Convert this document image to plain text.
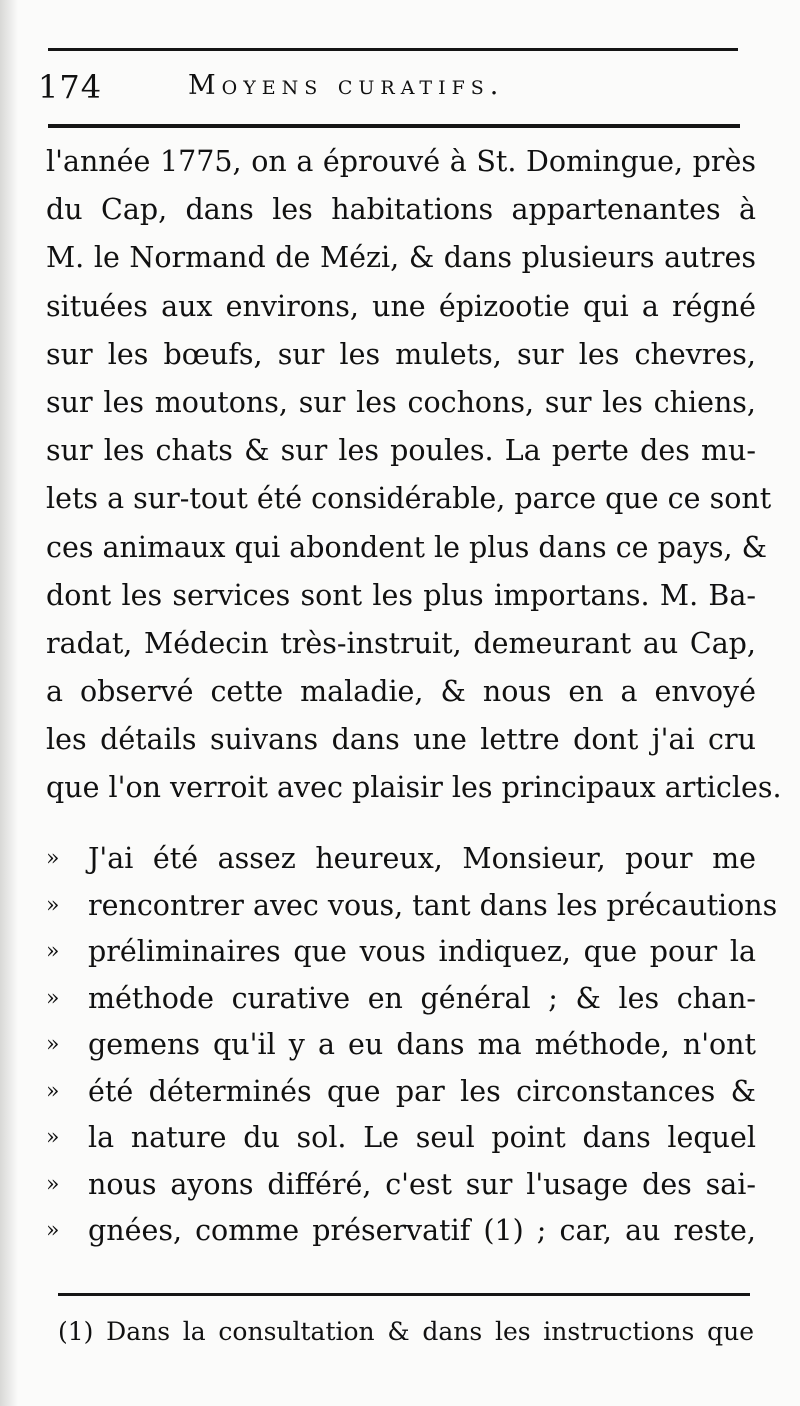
174	Moyens curatifs.
l'année 1775, on a éprouvé à St. Domingue, près
du Cap, dans les habitations appartenantes à
M. le Normand de Mézi, & dans plusieurs autres
situées aux environs, une épizootie qui a régné
sur les bœufs, sur les mulets, sur les chevres,
sur les moutons, sur les cochons, sur les chiens,
sur les chats & sur les poules. La perte des mu-
lets a sur-tout été considérable, parce que ce sont
ces animaux qui abondent le plus dans ce pays, &
dont les services sont les plus importans. M. Ba-
radat, Médecin très-instruit, demeurant au Cap,
a observé cette maladie, & nous en a envoyé
les détails suivans dans une lettre dont j'ai cru
que l'on verroit avec plaisir les principaux articles.
»	J'ai été assez heureux, Monsieur, pour me
»	rencontrer avec vous, tant dans les précautions
»	préliminaires que vous indiquez, que pour la
»	méthode curative en général ; & les chan-
»	gemens qu'il y a eu dans ma méthode, n'ont
»	été déterminés que par les circonstances &
»	la nature du sol. Le seul point dans lequel
»	nous ayons différé, c'est sur l'usage des sai-
»	gnées, comme préservatif (1) ; car, au reste,
(1) Dans la consultation & dans les instructions que
